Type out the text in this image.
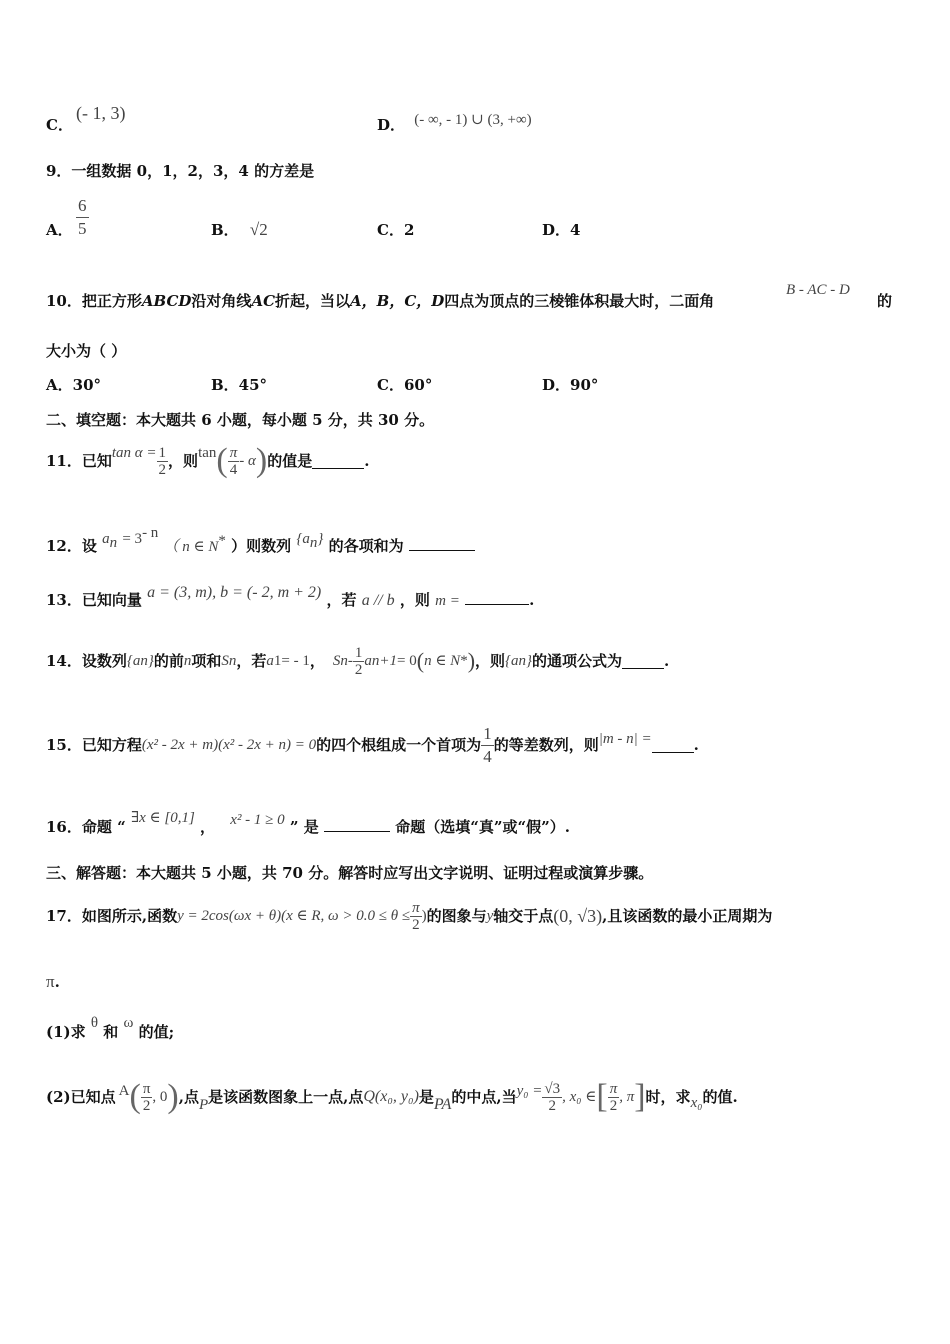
C．
(- 1, 3)
D． (- ∞, - 1) ∪ (3, +∞)
9．一组数据 0，1，2，3，4 的方差是
A． $\frac{6}{5}$	B． √2	C．2	D．4
10．把正方形ABCD沿对角线AC折起，当以A，B，C，D四点为顶点的三棱锥体积最大时，二面角
B - AC - D
的
大小为（ ）
A．30°	B．45°	C．60°	D．90°
二、填空题：本大题共 6 小题，每小题 5 分，共 30 分。
11．已知 $\tan \alpha = \frac{1}{2}$ ，则 tan ( $\frac{\pi}{4}$ - α ) 的值是	.
12．设 $a_n = 3^{- n}$ （ n ∈ N* ）则数列 $\{a_n\}$ 的各项和为
13．已知向量 a = (3, m), b = (- 2, m + 2) ，若 a // b ，则 m =	.
14．设数列 {a n } 的前 n 项和 S n ，若 a 1 = - 1 ， S n - $\frac{1}{2}$ a n+1 = 0 ( n ∈ N * ) ，则 {a n } 的通项公式为	.
15．已知方程 (x² - 2x + m)(x² - 2x + n) = 0 的四个根组成一个首项为 $\frac{1}{4}$ 的等差数列，则 |m - n| =	.
16．命题 “ ∃x ∈ [0,1] ， x² - 1 ≥ 0 ” 是	命题（选填“真”或“假”）.
三、解答题：本大题共 5 小题，共 70 分。解答时应写出文字说明、证明过程或演算步骤。
17．如图所示,函数 y = 2cos(ωx + θ)(x ∈ R, $\omega > 0.0 \le \theta \le \frac{\pi}{2}$ ) 的图象与 y 轴交于点 (0, √3) ,且该函数的最小正周期为
π.
(1)求 θ 和 ω 的值;
(2)已知点 A ( $\frac{\pi}{2}$ , 0 ) ,点 P 是该函数图象上一点,点 Q(x₀, y₀) 是 PA 的中点,当 $y_0 = \frac{√3}{2}$ , x₀ ∈ [ $\frac{\pi}{2}$ , π ] 时，求 x₀ 的值.
